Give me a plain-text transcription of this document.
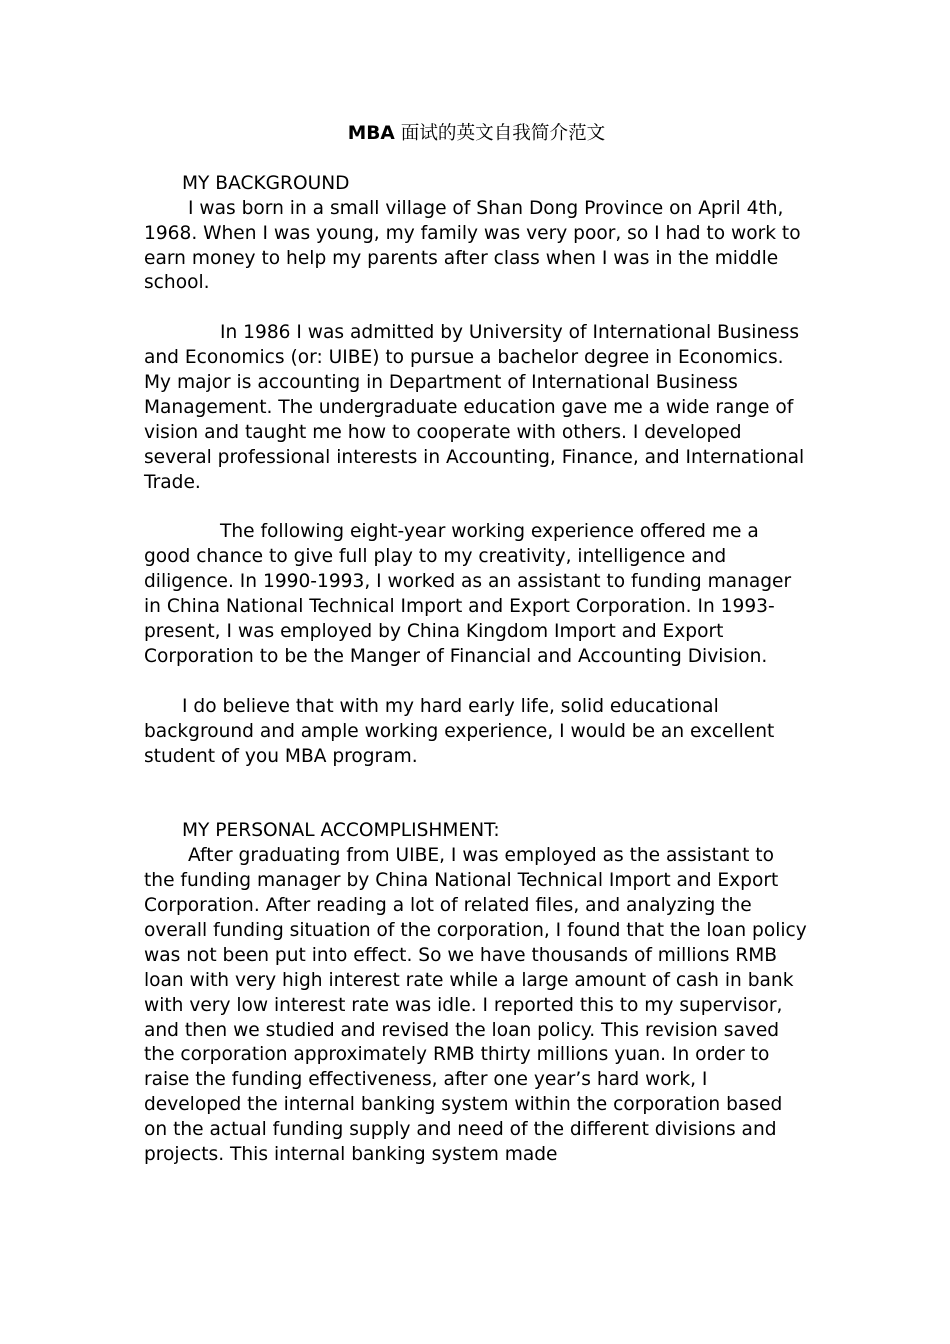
MBA 面试的英文自我简介范文

MY BACKGROUND

I was born in a small village of Shan Dong Province on April 4th, 1968. When I was young, my family was very poor, so I had to work to earn money to help my parents after class when I was in the middle school.

In 1986 I was admitted by University of International Business and Economics (or: UIBE) to pursue a bachelor degree in Economics. My major is accounting in Department of International Business Management. The undergraduate education gave me a wide range of vision and taught me how to cooperate with others. I developed several professional interests in Accounting, Finance, and International Trade.

The following eight-year working experience offered me a good chance to give full play to my creativity, intelligence and diligence. In 1990-1993, I worked as an assistant to funding manager in China National Technical Import and Export Corporation. In 1993-present, I was employed by China Kingdom Import and Export Corporation to be the Manger of Financial and Accounting Division.

I do believe that with my hard early life, solid educational background and ample working experience, I would be an excellent student of you MBA program.

MY PERSONAL ACCOMPLISHMENT:

After graduating from UIBE, I was employed as the assistant to the funding manager by China National Technical Import and Export Corporation. After reading a lot of related files, and analyzing the overall funding situation of the corporation, I found that the loan policy was not been put into effect. So we have thousands of millions RMB loan with very high interest rate while a large amount of cash in bank with very low interest rate was idle. I reported this to my supervisor, and then we studied and revised the loan policy. This revision saved the corporation approximately RMB thirty millions yuan. In order to raise the funding effectiveness, after one year’s hard work, I developed the internal banking system within the corporation based on the actual funding supply and need of the different divisions and projects. This internal banking system made
